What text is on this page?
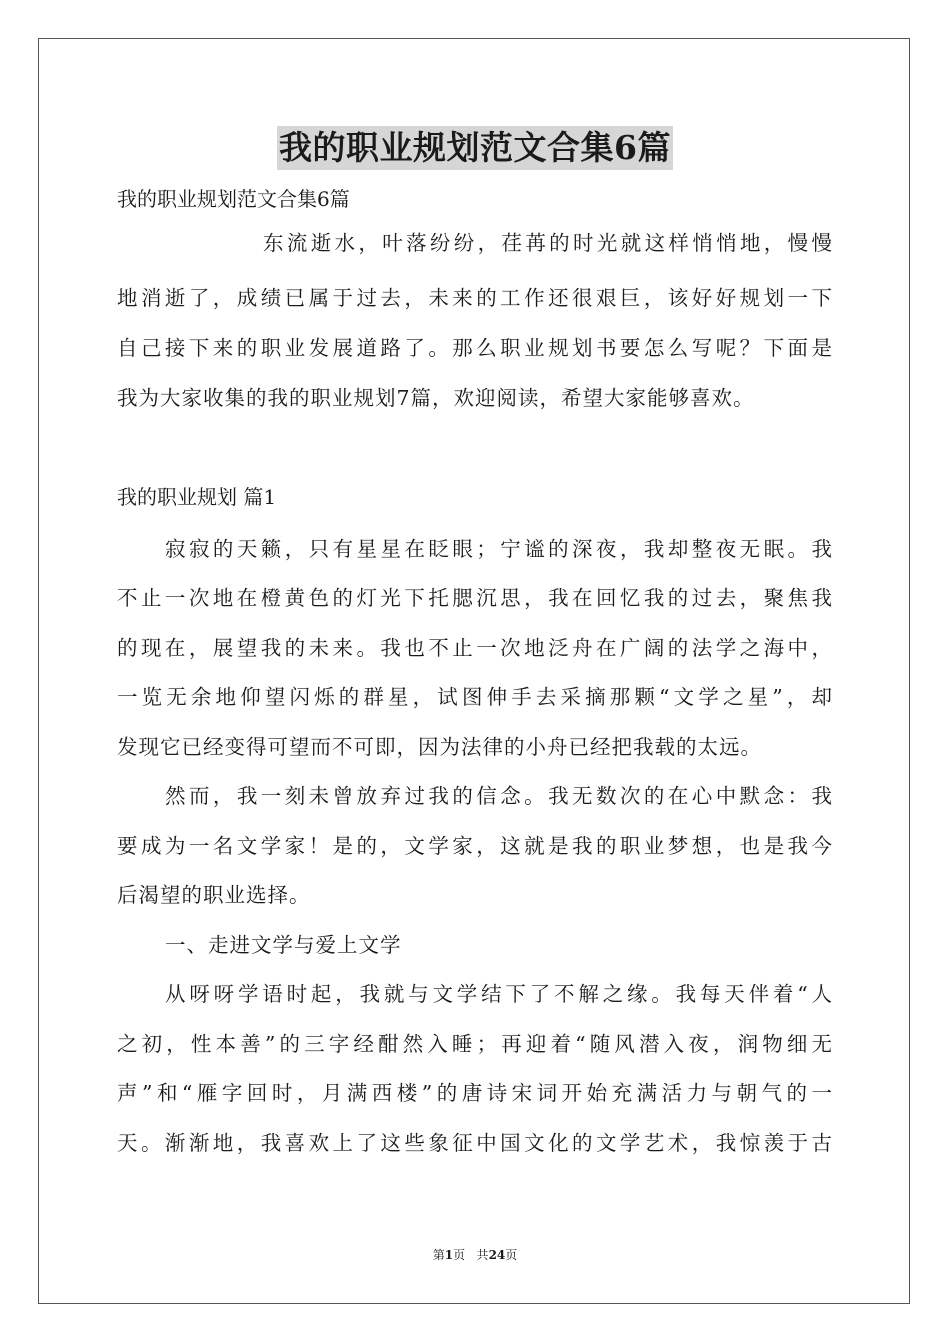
我的职业规划范文合集6篇
我的职业规划范文合集6篇
东流逝水，叶落纷纷，荏苒的时光就这样悄悄地，慢慢
地消逝了，成绩已属于过去，未来的工作还很艰巨，该好好规划一下
自己接下来的职业发展道路了。那么职业规划书要怎么写呢？下面是
我为大家收集的我的职业规划7篇，欢迎阅读，希望大家能够喜欢。
我的职业规划 篇1
寂寂的天籁，只有星星在眨眼；宁谧的深夜，我却整夜无眠。我
不止一次地在橙黄色的灯光下托腮沉思，我在回忆我的过去，聚焦我
的现在，展望我的未来。我也不止一次地泛舟在广阔的法学之海中，
一览无余地仰望闪烁的群星，试图伸手去采摘那颗“文学之星”，却
发现它已经变得可望而不可即，因为法律的小舟已经把我载的太远。
然而，我一刻未曾放弃过我的信念。我无数次的在心中默念：我
要成为一名文学家！是的，文学家，这就是我的职业梦想，也是我今
后渴望的职业选择。
一、走进文学与爱上文学
从呀呀学语时起，我就与文学结下了不解之缘。我每天伴着“人
之初，性本善”的三字经酣然入睡；再迎着“随风潜入夜，润物细无
声”和“雁字回时，月满西楼”的唐诗宋词开始充满活力与朝气的一
天。渐渐地，我喜欢上了这些象征中国文化的文学艺术，我惊羡于古
第1页 共24页
